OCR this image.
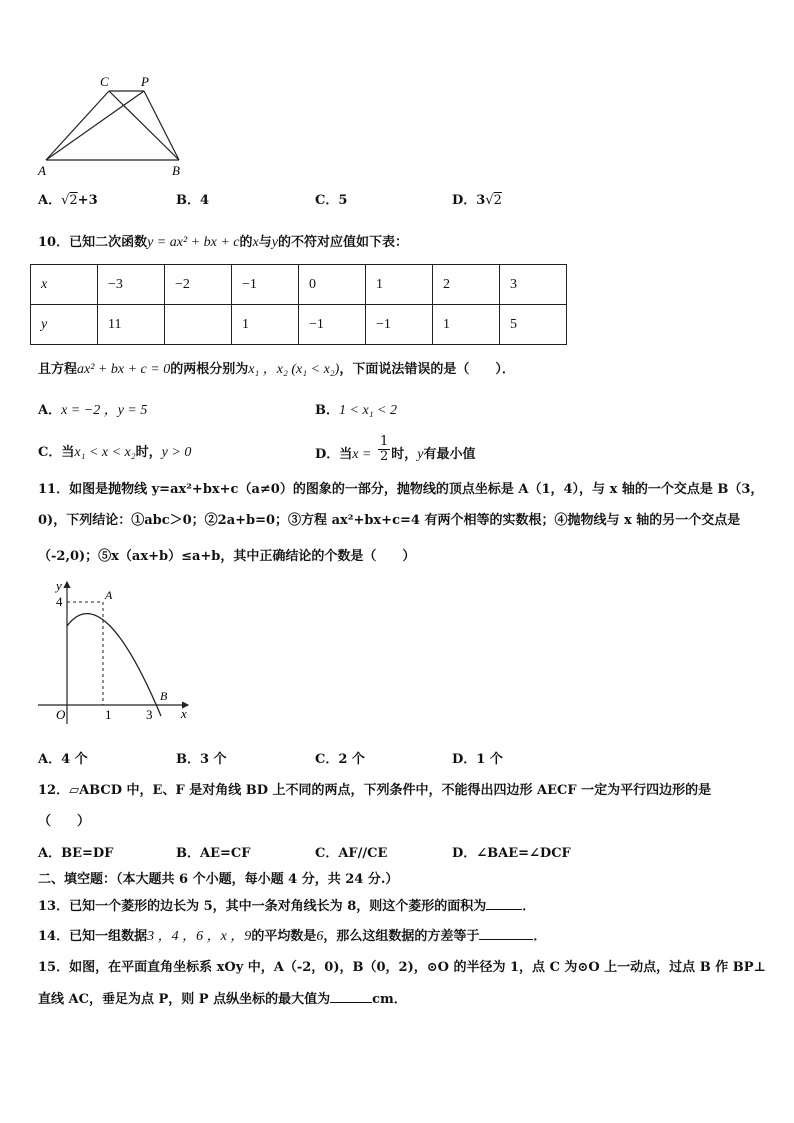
C P
A	B
A．√2+3	B．4	C．5	D．3√2
10．已知二次函数y = ax² + bx + c的x与y的不符对应值如下表：
x	−3	−2	−1	0	1	2	3
y	11		1	−1	−1	1	5
且方程ax² + bx + c = 0的两根分别为x₁ ，x₂ (x₁ < x₂)，下面说法错误的是（　　）．
A．x = −2 ，y = 5	B．1 < x₁ < 2
C．当x₁ < x < x₂时，y > 0	D．当$x = \frac{1}{2}$ 时，y有最小值
11．如图是抛物线 y=ax²+bx+c（a≠0）的图象的一部分，抛物线的顶点坐标是 A（1，4），与 x 轴的一个交点是 B（3，
0)，下列结论：①abc＞0；②2a+b=0；③方程 ax²+bx+c=4 有两个相等的实数根；④抛物线与 x 轴的另一个交点是
（-2,0)；⑤x（ax+b）≤a+b，其中正确结论的个数是（　　）
y
4	A
B
O	1	3 x
A．4 个	B．3 个	C．2 个	D．1 个
12．▱ABCD 中，E、F 是对角线 BD 上不同的两点，下列条件中，不能得出四边形 AECF 一定为平行四边形的是
（　　）
A．BE=DF	B．AE=CF	C．AF//CE	D．∠BAE=∠DCF
二、填空题：（本大题共 6 个小题，每小题 4 分，共 24 分.）
13．已知一个菱形的边长为 5，其中一条对角线长为 8，则这个菱形的面积为	．
14．已知一组数据3 ，4 ，6 ，x ，9的平均数是6，那么这组数据的方差等于	．
15．如图，在平面直角坐标系 xOy 中，A（-2，0)，B（0，2)，⊙O 的半径为 1，点 C 为⊙O 上一动点，过点 B 作 BP⊥
直线 AC，垂足为点 P，则 P 点纵坐标的最大值为	cm．
